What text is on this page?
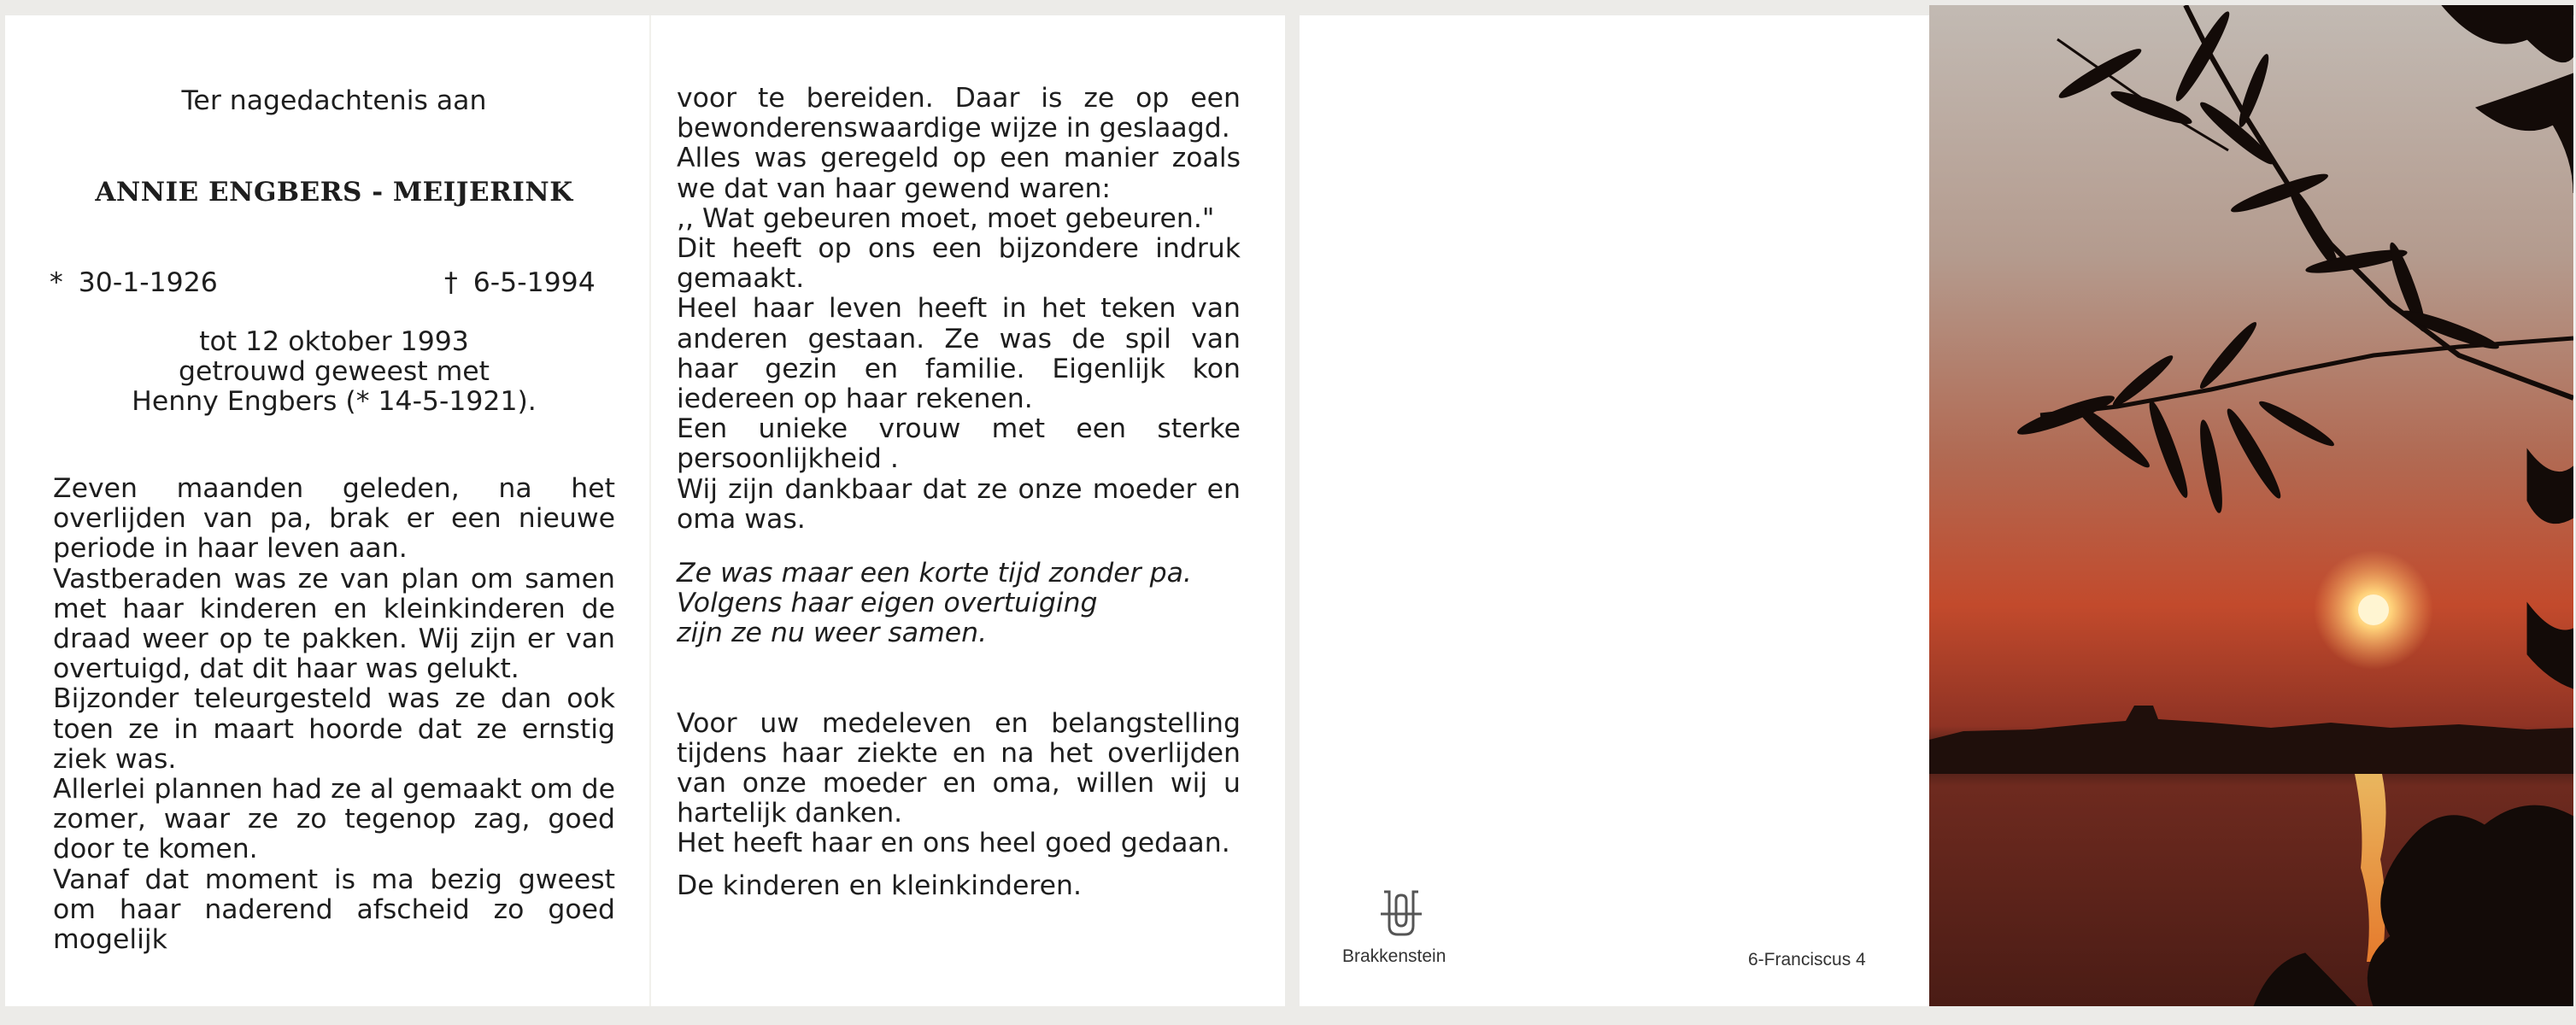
Ter nagedachtenis aan
ANNIE ENGBERS - MEIJERINK
* 30-1-1926	† 6-5-1994
tot 12 oktober 1993
getrouwd geweest met
Henny Engbers (* 14-5-1921).

Zeven maanden geleden, na het overlijden van pa, brak er een nieuwe periode in haar leven aan.

Vastberaden was ze van plan om samen met haar kinderen en kleinkinderen de draad weer op te pakken. Wij zijn er van overtuigd, dat dit haar was gelukt.

Bijzonder teleurgesteld was ze dan ook toen ze in maart hoorde dat ze ernstig ziek was.

Allerlei plannen had ze al gemaakt om de zomer, waar ze zo tegenop zag, goed door te komen.

Vanaf dat moment is ma bezig gweest om haar naderend afscheid zo goed mogelijk

voor te bereiden. Daar is ze op een bewonderenswaardige wijze in geslaagd.

Alles was geregeld op een manier zoals we dat van haar gewend waren:

,, Wat gebeuren moet, moet gebeuren."

Dit heeft op ons een bijzondere indruk gemaakt.

Heel haar leven heeft in het teken van anderen gestaan. Ze was de spil van haar gezin en familie. Eigenlijk kon iedereen op haar rekenen.

Een unieke vrouw met een sterke persoonlijkheid .

Wij zijn dankbaar dat ze onze moeder en oma was.

Ze was maar een korte tijd zonder pa.
Volgens haar eigen overtuiging
zijn ze nu weer samen.

Voor uw medeleven en belangstelling tijdens haar ziekte en na het overlijden van onze moeder en oma, willen wij u hartelijk danken.

Het heeft haar en ons heel goed gedaan.

De kinderen en kleinkinderen.

Brakkenstein	6-Franciscus 4
